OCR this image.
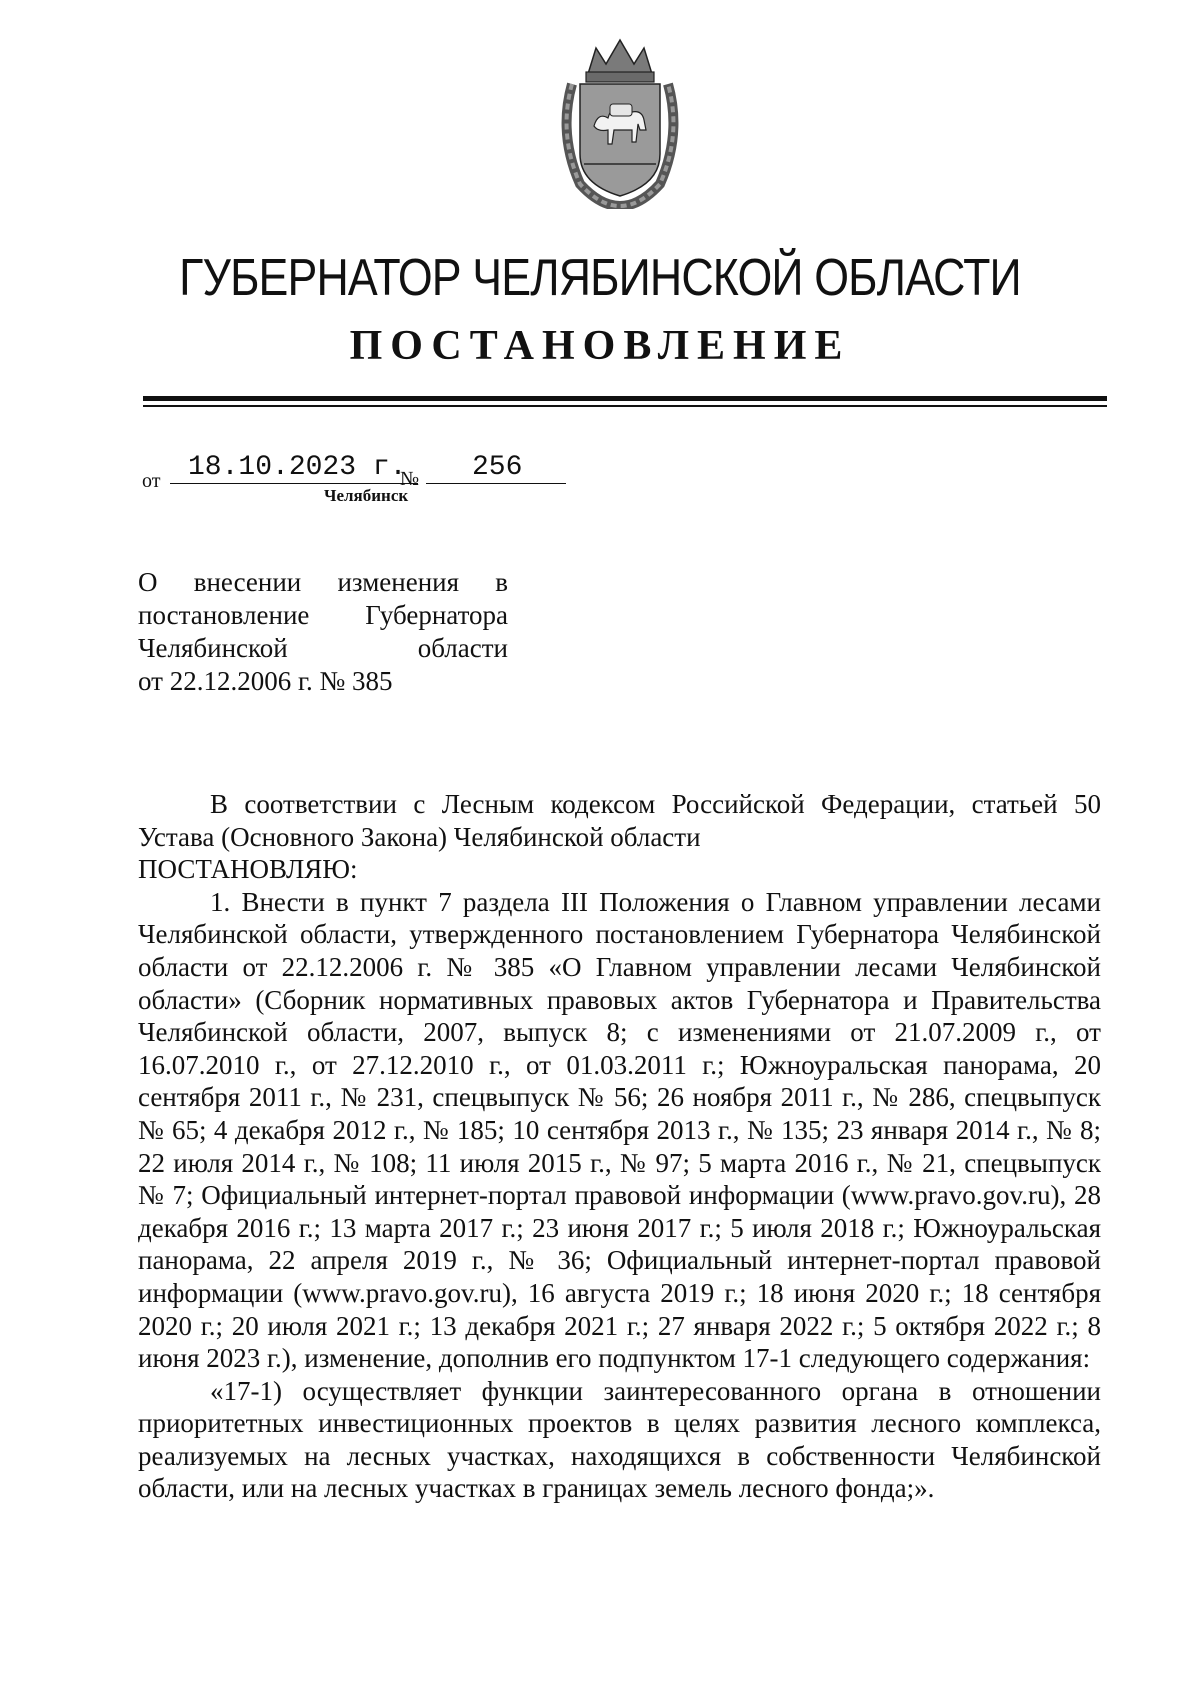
ГУБЕРНАТОР ЧЕЛЯБИНСКОЙ ОБЛАСТИ
ПОСТАНОВЛЕНИЕ
от 18.10.2023 г.
№	256
Челябинск
О внесении изменения в
постановление Губернатора
Челябинской области
от 22.12.2006 г. № 385

В соответствии с Лесным кодексом Российской Федерации, статьей 50 Устава (Основного Закона) Челябинской области

ПОСТАНОВЛЯЮ:

1. Внести в пункт 7 раздела III Положения о Главном управлении лесами Челябинской области, утвержденного постановлением Губернатора Челябинской области от 22.12.2006 г. № 385 «О Главном управлении лесами Челябинской области» (Сборник нормативных правовых актов Губернатора и Правительства Челябинской области, 2007, выпуск 8; с изменениями от 21.07.2009 г., от 16.07.2010 г., от 27.12.2010 г., от 01.03.2011 г.; Южноуральская панорама, 20 сентября 2011 г., № 231, спецвыпуск № 56; 26 ноября 2011 г., № 286, спецвыпуск № 65; 4 декабря 2012 г., № 185; 10 сентября 2013 г., № 135; 23 января 2014 г., № 8; 22 июля 2014 г., № 108; 11 июля 2015 г., № 97; 5 марта 2016 г., № 21, спецвыпуск № 7; Официальный интернет-портал правовой информации (www.pravo.gov.ru), 28 декабря 2016 г.; 13 марта 2017 г.; 23 июня 2017 г.; 5 июля 2018 г.; Южноуральская панорама, 22 апреля 2019 г., № 36; Официальный интернет-портал правовой информации (www.pravo.gov.ru), 16 августа 2019 г.; 18 июня 2020 г.; 18 сентября 2020 г.; 20 июля 2021 г.; 13 декабря 2021 г.; 27 января 2022 г.; 5 октября 2022 г.; 8 июня 2023 г.), изменение, дополнив его подпунктом 17-1 следующего содержания:

«17-1) осуществляет функции заинтересованного органа в отношении приоритетных инвестиционных проектов в целях развития лесного комплекса, реализуемых на лесных участках, находящихся в собственности Челябинской области, или на лесных участках в границах земель лесного фонда;».
